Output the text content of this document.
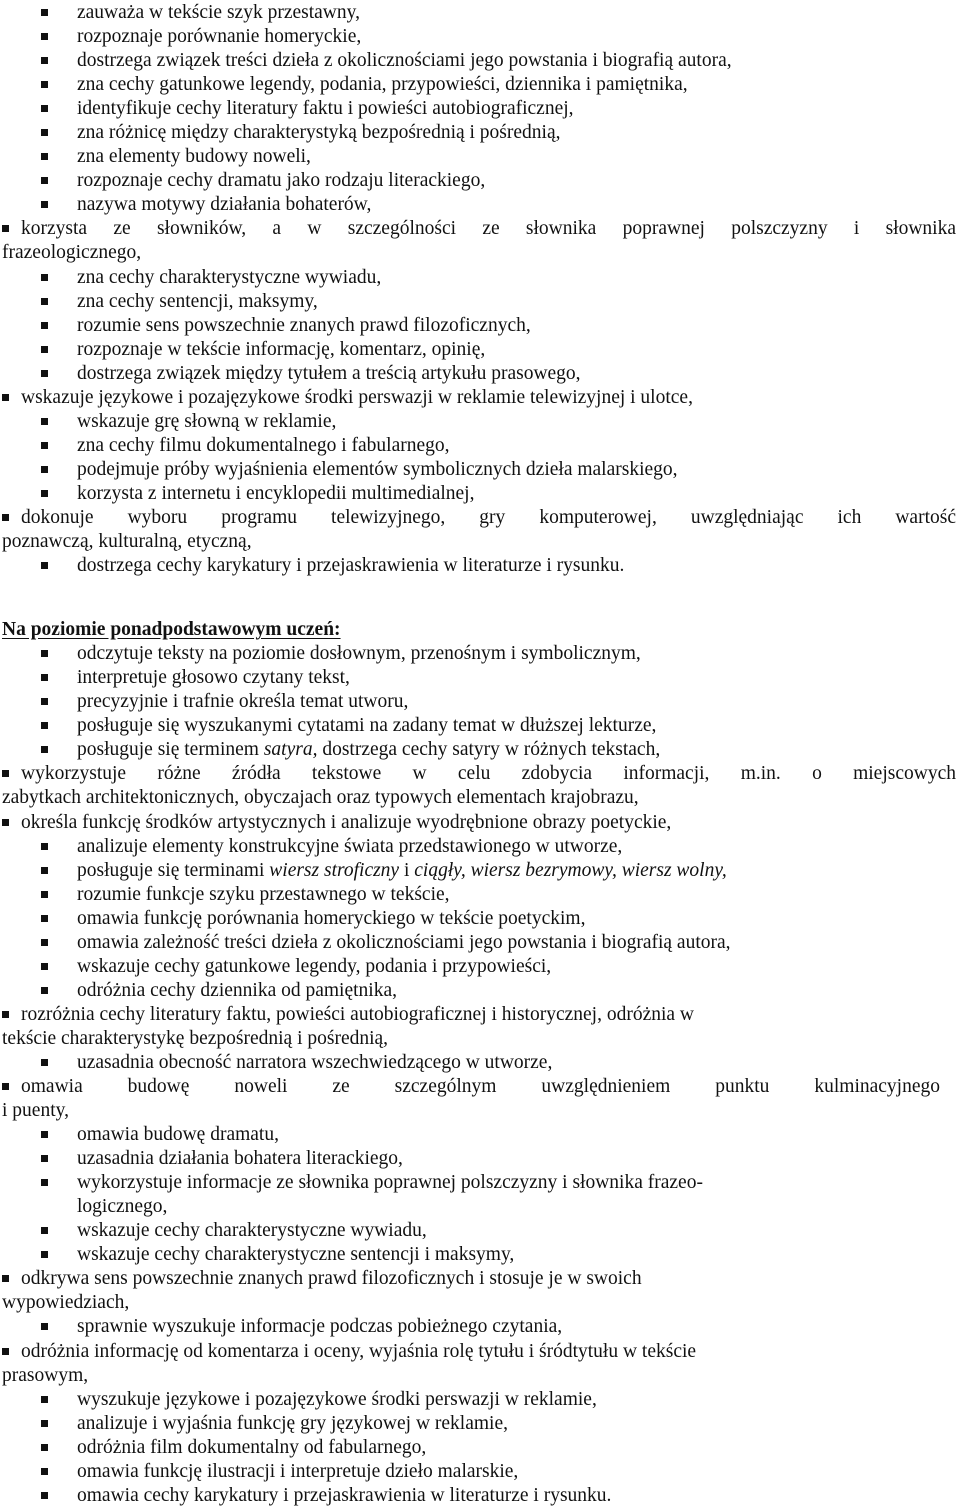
zauważa w tekście szyk przestawny,
rozpoznaje porównanie homeryckie,
dostrzega związek treści dzieła z okolicznościami jego powstania i biografią autora,
zna cechy gatunkowe legendy, podania, przypowieści, dziennika i pamiętnika,
identyfikuje cechy literatury faktu i powieści autobiograficznej,
zna różnicę między charakterystyką bezpośrednią i pośrednią,
zna elementy budowy noweli,
rozpoznaje cechy dramatu jako rodzaju literackiego,
nazywa motywy działania bohaterów,
korzysta ze słowników, a w szczególności ze słownika poprawnej polszczyzny i słownika
frazeologicznego,
zna cechy charakterystyczne wywiadu,
zna cechy sentencji, maksymy,
rozumie sens powszechnie znanych prawd filozoficznych,
rozpoznaje w tekście informację, komentarz, opinię,
dostrzega związek między tytułem a treścią artykułu prasowego,
wskazuje językowe i pozajęzykowe środki perswazji w reklamie telewizyjnej i ulotce,
wskazuje grę słowną w reklamie,
zna cechy filmu dokumentalnego i fabularnego,
podejmuje próby wyjaśnienia elementów symbolicznych dzieła malarskiego,
korzysta z internetu i encyklopedii multimedialnej,
dokonuje wyboru programu telewizyjnego, gry komputerowej, uwzględniając ich wartość
poznawczą, kulturalną, etyczną,
dostrzega cechy karykatury i przejaskrawienia w literaturze i rysunku.
Na poziomie ponadpodstawowym uczeń:
odczytuje teksty na poziomie dosłownym, przenośnym i symbolicznym,
interpretuje głosowo czytany tekst,
precyzyjnie i trafnie określa temat utworu,
posługuje się wyszukanymi cytatami na zadany temat w dłuższej lekturze,
posługuje się terminem satyra, dostrzega cechy satyry w różnych tekstach,
wykorzystuje różne źródła tekstowe w celu zdobycia informacji, m.in. o miejscowych
zabytkach architektonicznych, obyczajach oraz typowych elementach krajobrazu,
określa funkcję środków artystycznych i analizuje wyodrębnione obrazy poetyckie,
analizuje elementy konstrukcyjne świata przedstawionego w utworze,
posługuje się terminami wiersz stroficzny i ciągły, wiersz bezrymowy, wiersz wolny,
rozumie funkcje szyku przestawnego w tekście,
omawia funkcję porównania homeryckiego w tekście poetyckim,
omawia zależność treści dzieła z okolicznościami jego powstania i biografią autora,
wskazuje cechy gatunkowe legendy, podania i przypowieści,
odróżnia cechy dziennika od pamiętnika,
rozróżnia cechy literatury faktu, powieści autobiograficznej i historycznej, odróżnia w
tekście charakterystykę bezpośrednią i pośrednią,
uzasadnia obecność narratora wszechwiedzącego w utworze,
omawia budowę noweli ze szczególnym uwzględnieniem punktu kulminacyjnego
i puenty,
omawia budowę dramatu,
uzasadnia działania bohatera literackiego,
wykorzystuje informacje ze słownika poprawnej polszczyzny i słownika frazeo-
logicznego,
wskazuje cechy charakterystyczne wywiadu,
wskazuje cechy charakterystyczne sentencji i maksymy,
odkrywa sens powszechnie znanych prawd filozoficznych i stosuje je w swoich
wypowiedziach,
sprawnie wyszukuje informacje podczas pobieżnego czytania,
odróżnia informację od komentarza i oceny, wyjaśnia rolę tytułu i śródtytułu w tekście
prasowym,
wyszukuje językowe i pozajęzykowe środki perswazji w reklamie,
analizuje i wyjaśnia funkcję gry językowej w reklamie,
odróżnia film dokumentalny od fabularnego,
omawia funkcję ilustracji i interpretuje dzieło malarskie,
omawia cechy karykatury i przejaskrawienia w literaturze i rysunku.
